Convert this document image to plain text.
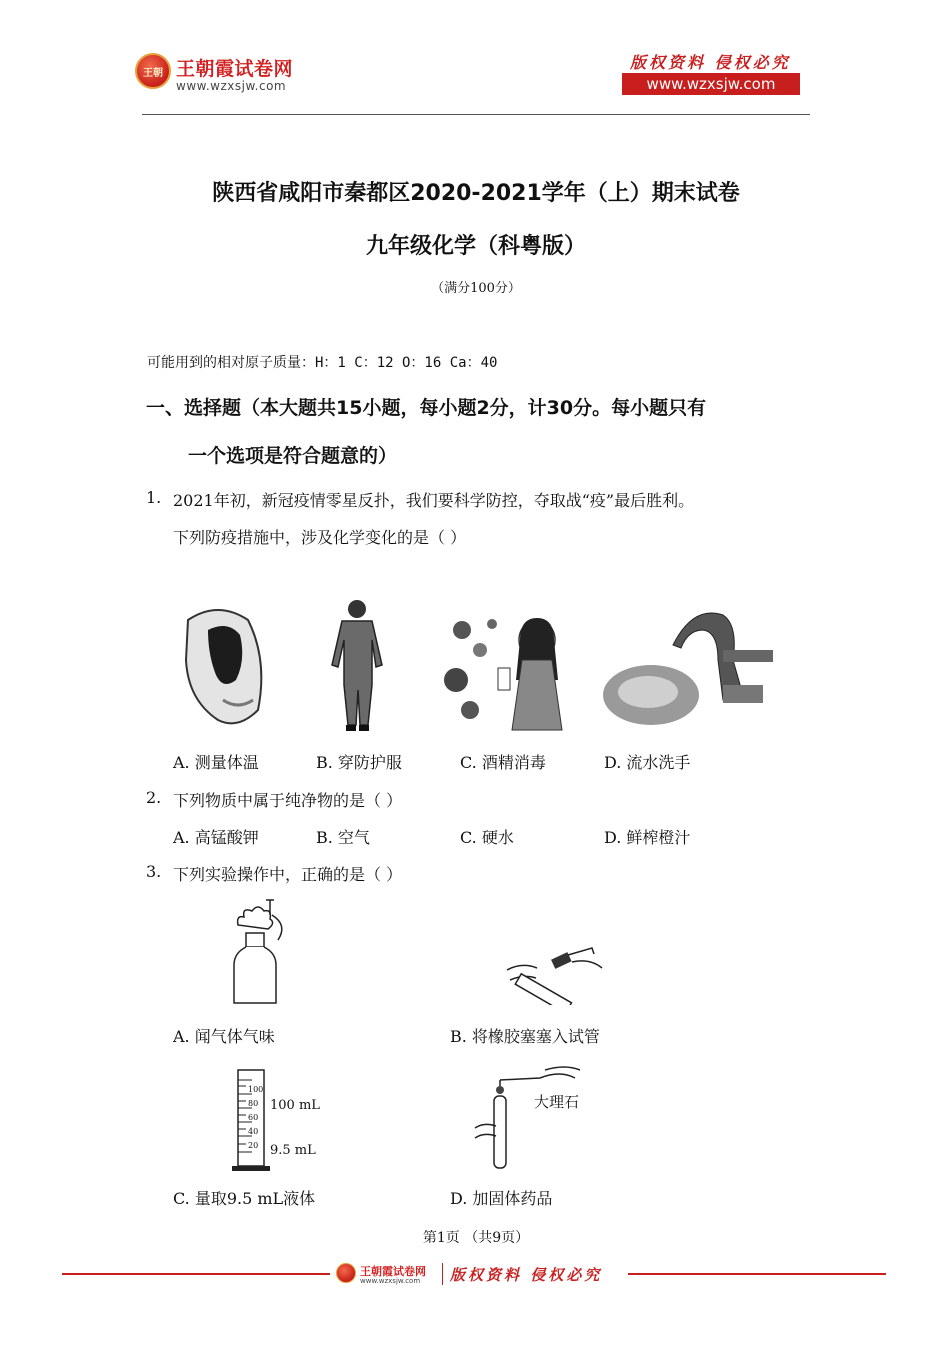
王朝 王朝霞试卷网
www.wzxsjw.com
版权资料 侵权必究
www.wzxsjw.com
陕西省咸阳市秦都区2020-2021学年（上）期末试卷
九年级化学（科粤版）
（满分100分）
可能用到的相对原子质量：H：1 C：12 O：16 Ca：40
一、选择题（本大题共15小题，每小题2分，计30分。每小题只有
一个选项是符合题意的）
1. 2021年初，新冠疫情零星反扑，我们要科学防控，夺取战“疫”最后胜利。
下列防疫措施中，涉及化学变化的是（ ）
A. 测量体温	B. 穿防护服	C. 酒精消毒	D. 流水洗手
2. 下列物质中属于纯净物的是（ ）
A. 高锰酸钾	B. 空气	C. 硬水	D. 鲜榨橙汁
3. 下列实验操作中，正确的是（ ）
A. 闻气体气味	B. 将橡胶塞塞入试管
100
80
60
40
20
100 mL
9.5 mL
大理石
C. 量取9.5 mL液体	D. 加固体药品
第1页 （共9页）
王朝霞试卷网
www.wzxsjw.com 版权资料 侵权必究
